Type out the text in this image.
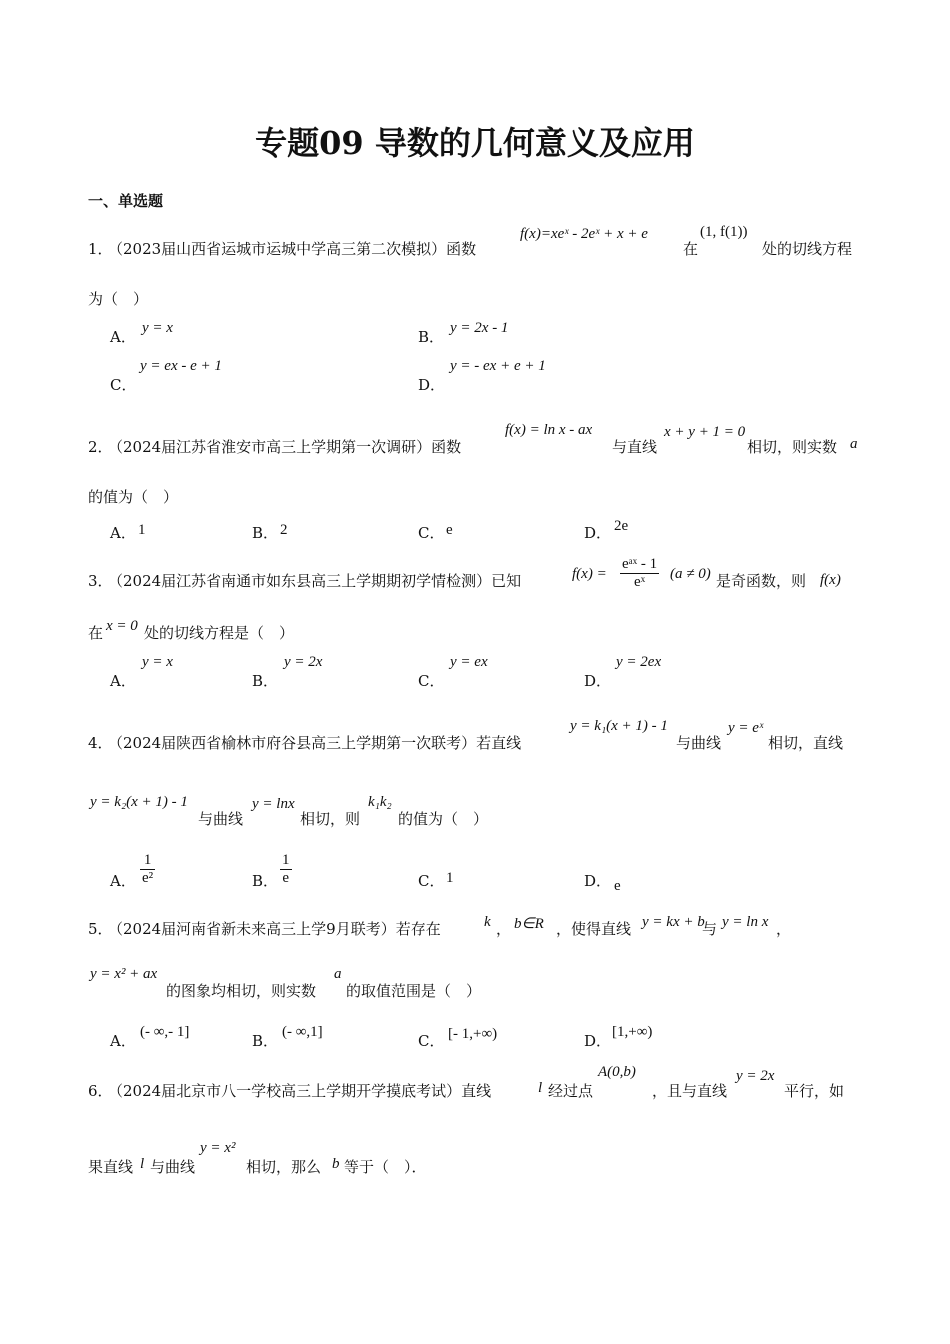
专题09 导数的几何意义及应用
一、单选题
1．
（2023届山西省运城市运城中学高三第二次模拟）函数
f(x)=xeˣ - 2eˣ + x + e
在
(1, f(1))
处的切线方程
为（　）
A． y = x	B． y = 2x - 1
C．
y = ex - e + 1
D．
y = - ex + e + 1
2．
（2024届江苏省淮安市高三上学期第一次调研）函数
f(x) = ln x - ax
与直线
x + y + 1 = 0
相切，则实数 a
的值为（　）
A． 1	B． 2	C． e	D． 2e
3．
（2024届江苏省南通市如东县高三上学期期初学情检测）已知	$f(x) = \frac{\text{eᵃˣ - 1}}{\text{eˣ}} (a \ne 0)$ 是奇函数，则 f(x)
在 x = 0 处的切线方程是（　）
A．
y = x
B．
y = 2x
C．
y = ex
D．
y = 2ex
4．
（2024届陕西省榆林市府谷县高三上学期第一次联考）若直线
y = k₁(x + 1) - 1
与曲线
y = eˣ
相切，直线
y = k₂(x + 1) - 1
与曲线
y = lnx
相切，则
k₁k₂
的值为（　）
A． $\frac{1}{\text{e²}}$	B． $\frac{1}{e}$	C． 1	D． e
5．
（2024届河南省新未来高三上学9月联考）若存在	k ， b∈R ，使得直线 y = kx + b
与 y = ln x ，
y = x² + ax
的图象均相切，则实数
a
的取值范围是（　）
A． (- ∞,- 1]	B． (- ∞,1]	C． [- 1,+∞)	D． [1,+∞)
6．
（2024届北京市八一学校高三上学期开学摸底考试）直线	l 经过点
A(0,b)
，且与直线
y = 2x
平行，如
果直线 l 与曲线
y = x²
相切，那么 b 等于（　）．
